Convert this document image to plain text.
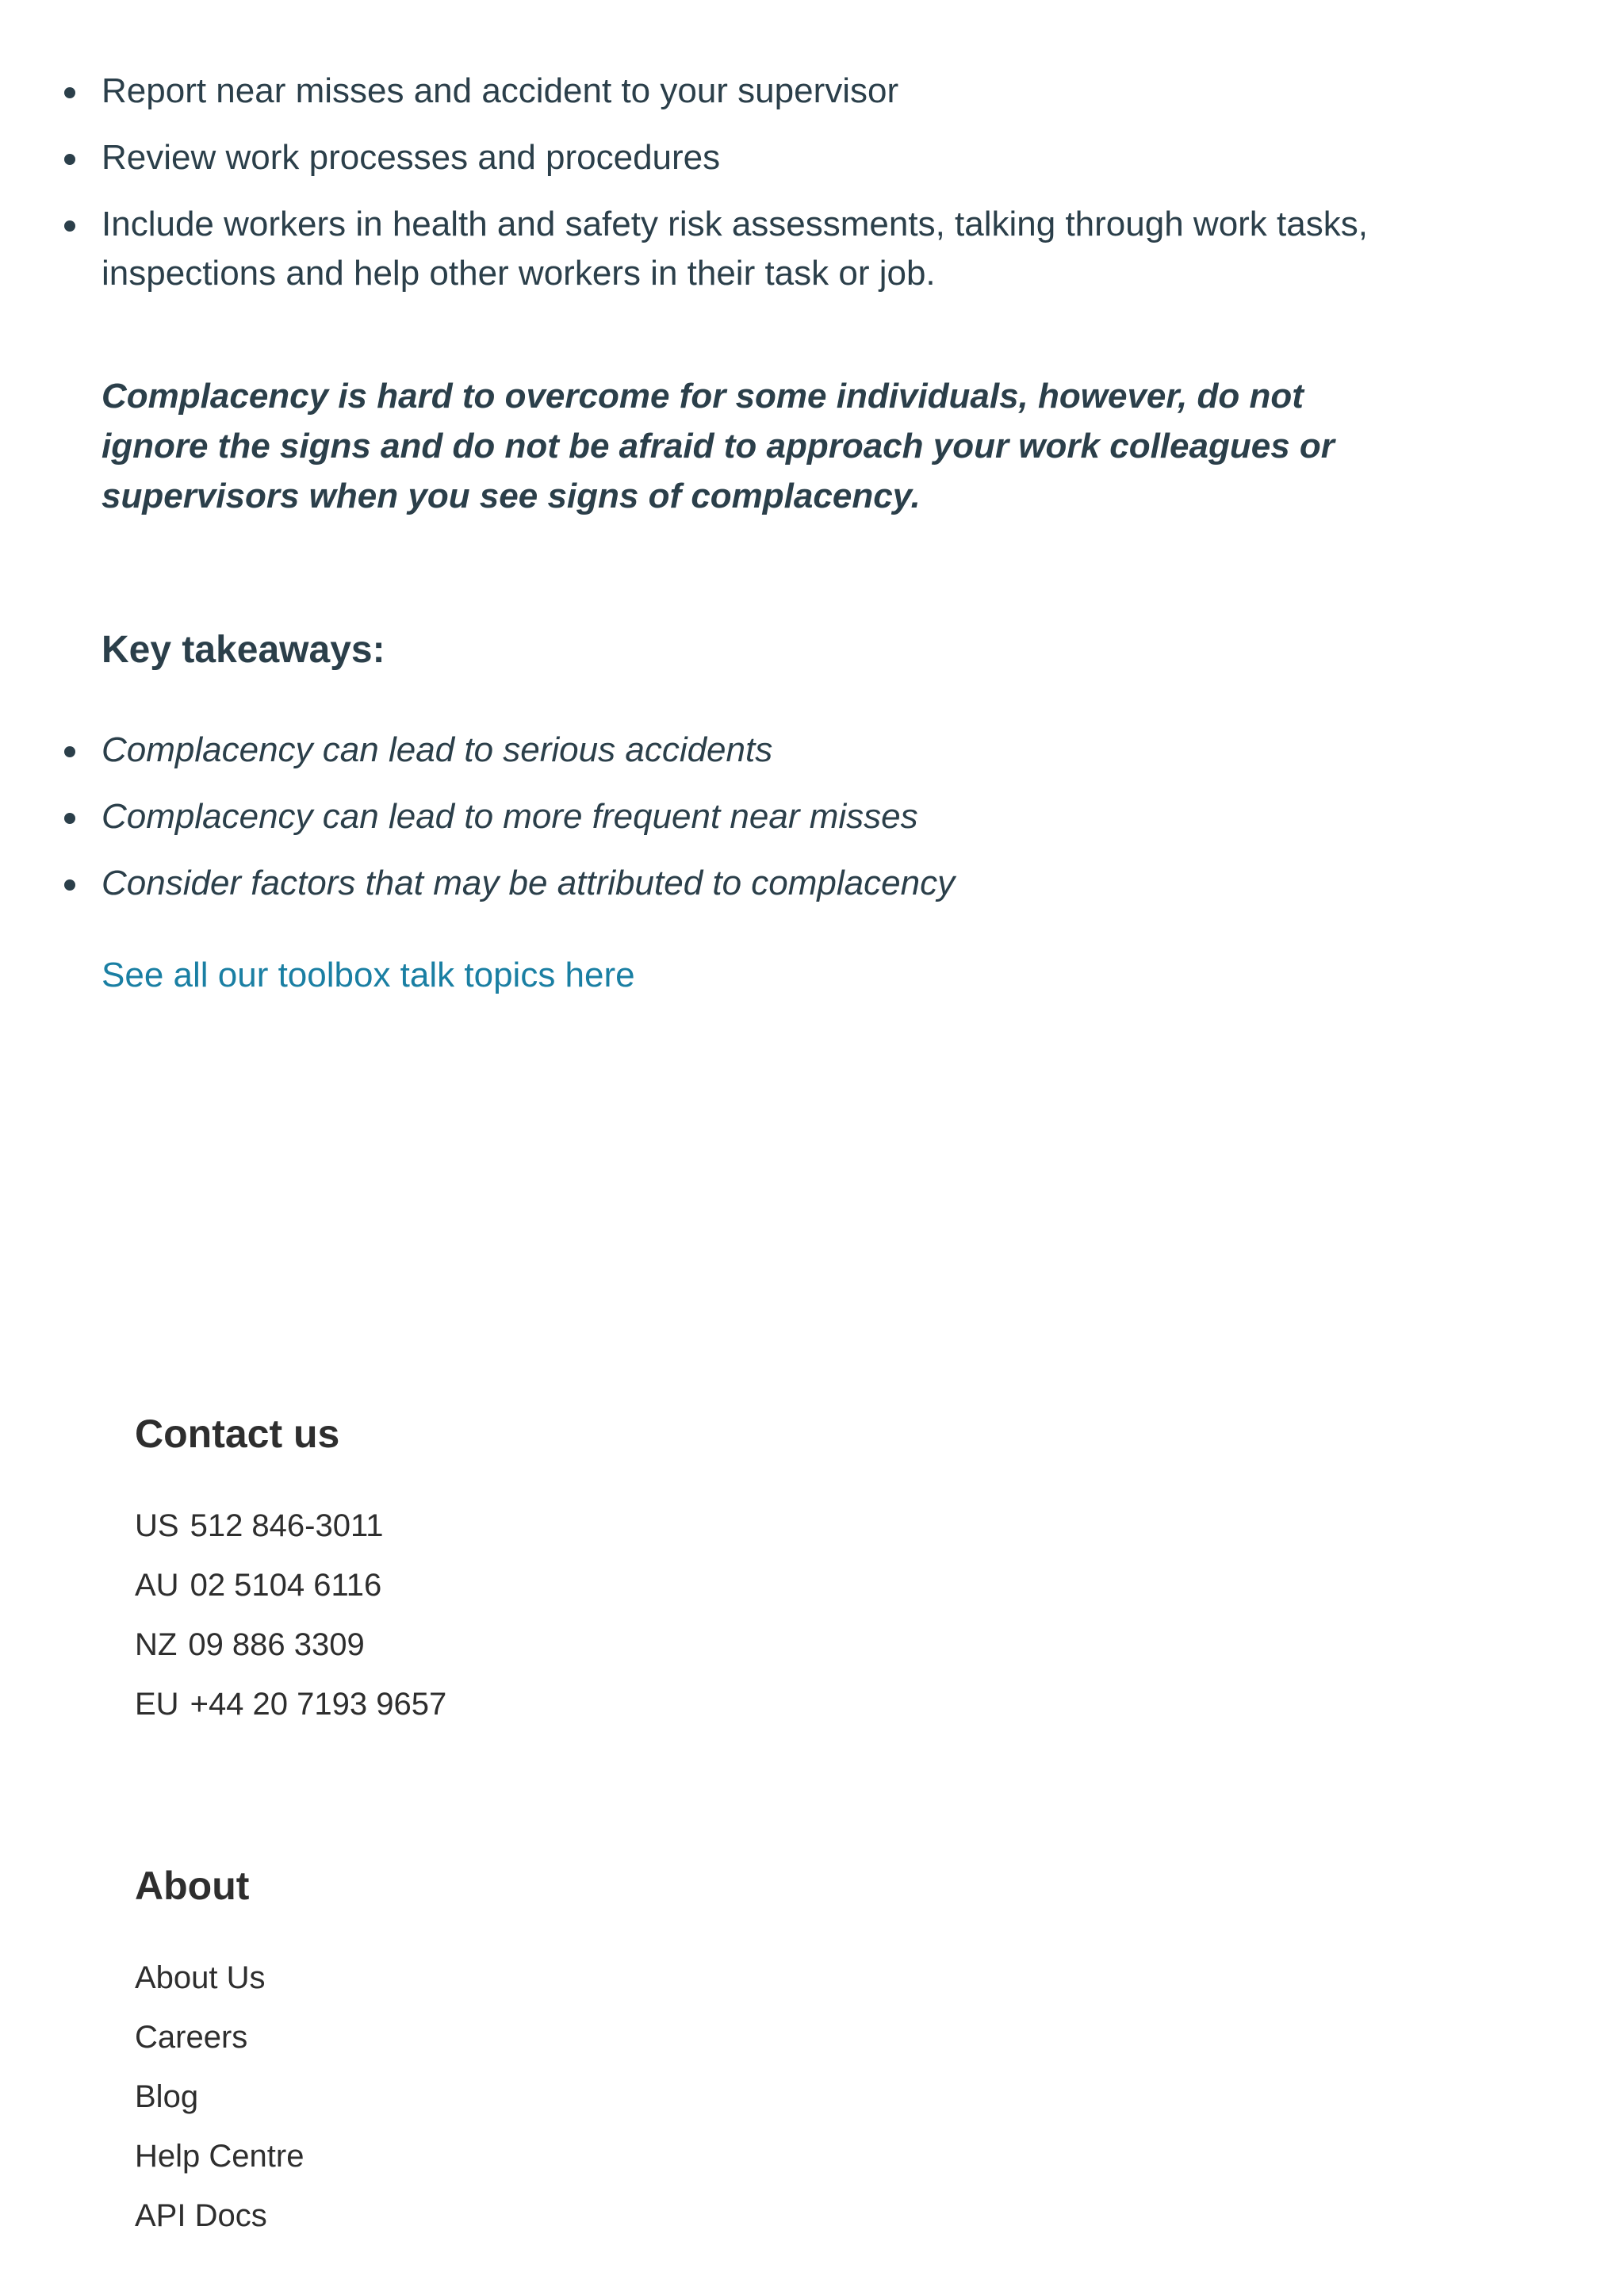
Report near misses and accident to your supervisor
Review work processes and procedures
Include workers in health and safety risk assessments, talking through work tasks, inspections and help other workers in their task or job.

Complacency is hard to overcome for some individuals, however, do not ignore the signs and do not be afraid to approach your work colleagues or supervisors when you see signs of complacency.

Key takeaways:
Complacency can lead to serious accidents
Complacency can lead to more frequent near misses
Consider factors that may be attributed to complacency
See all our toolbox talk topics here
Contact us
US 512 846-3011
AU 02 5104 6116
NZ 09 886 3309
EU +44 20 7193 9657
About
About Us
Careers
Blog
Help Centre
API Docs
